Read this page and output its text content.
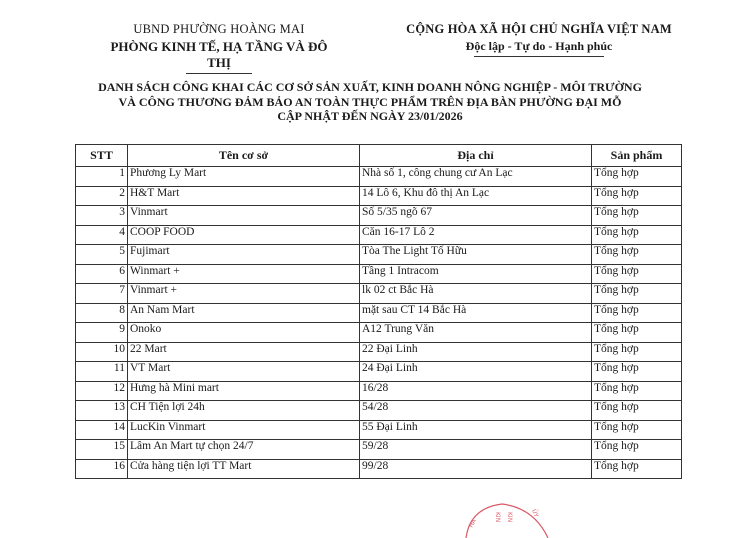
UBND PHƯỜNG HOÀNG MAI
PHÒNG KINH TẾ, HẠ TẦNG VÀ ĐÔ THỊ
CỘNG HÒA XÃ HỘI CHỦ NGHĨA VIỆT NAM
Độc lập - Tự do - Hạnh phúc
DANH SÁCH CÔNG KHAI CÁC CƠ SỞ SẢN XUẤT, KINH DOANH NÔNG NGHIỆP - MÔI TRƯỜNG
VÀ CÔNG THƯƠNG ĐẢM BẢO AN TOÀN THỰC PHẨM TRÊN ĐỊA BÀN PHƯỜNG ĐẠI MỖ
CẬP NHẬT ĐẾN NGÀY 23/01/2026
STT	Tên cơ sở	Địa chỉ	Sản phẩm
1	Phương Ly Mart	Nhà số 1, công chung cư An Lạc	Tổng hợp
2	H&T Mart	14 Lô 6, Khu đô thị An Lạc	Tổng hợp
3	Vinmart	Số 5/35 ngõ 67	Tổng hợp
4	COOP FOOD	Căn 16-17 Lô 2	Tổng hợp
5	Fujimart	Tòa The Light Tố Hữu	Tổng hợp
6	Winmart +	Tầng 1 Intracom	Tổng hợp
7	Vinmart +	lk 02 ct Bắc Hà	Tổng hợp
8	An Nam Mart	mặt sau CT 14 Bắc Hà	Tổng hợp
9	Onoko	A12 Trung Văn	Tổng hợp
10	22 Mart	22 Đại Linh	Tổng hợp
11	VT Mart	24 Đại Linh	Tổng hợp
12	Hưng hà Mini mart	16/28	Tổng hợp
13	CH Tiện lợi 24h	54/28	Tổng hợp
14	LucKin Vinmart	55 Đại Linh	Tổng hợp
15	Lâm An Mart tự chọn 24/7	59/28	Tổng hợp
16	Cửa hàng tiện lợi TT Mart	99/28	Tổng hợp
HA
KIN KIN	ỦY
